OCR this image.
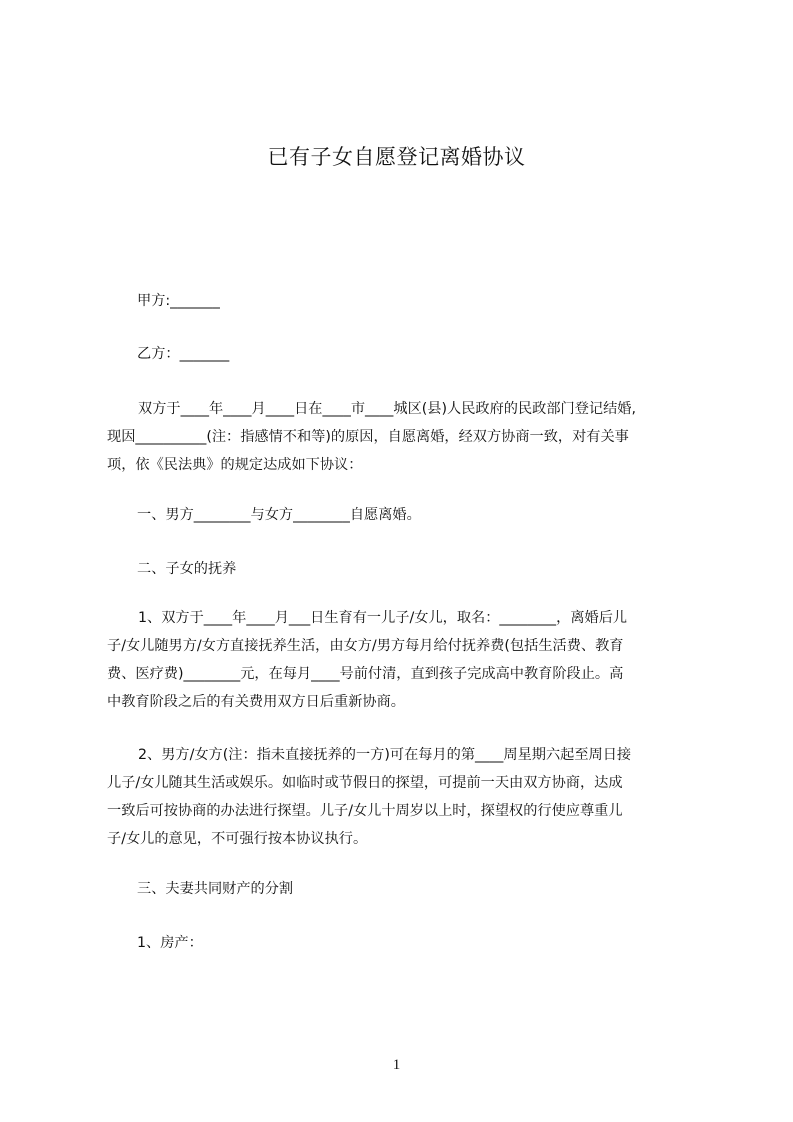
已有子女自愿登记离婚协议

甲方:_______

乙方：_______

双方于____年____月____日在____市____城区(县)人民政府的民政部门登记结婚,
现因__________(注：指感情不和等)的原因，自愿离婚，经双方协商一致，对有关事
项，依《民法典》的规定达成如下协议：

一、男方________与女方________自愿离婚。

二、子女的抚养

1、双方于____年____月___日生育有一儿子/女儿，取名：________，离婚后儿
子/女儿随男方/女方直接抚养生活，由女方/男方每月给付抚养费(包括生活费、教育
费、医疗费)________元，在每月____号前付清，直到孩子完成高中教育阶段止。高
中教育阶段之后的有关费用双方日后重新协商。
2、男方/女方(注：指未直接抚养的一方)可在每月的第____周星期六起至周日接
儿子/女儿随其生活或娱乐。如临时或节假日的探望，可提前一天由双方协商，达成
一致后可按协商的办法进行探望。儿子/女儿十周岁以上时，探望权的行使应尊重儿
子/女儿的意见，不可强行按本协议执行。

三、夫妻共同财产的分割

1、房产：

1
